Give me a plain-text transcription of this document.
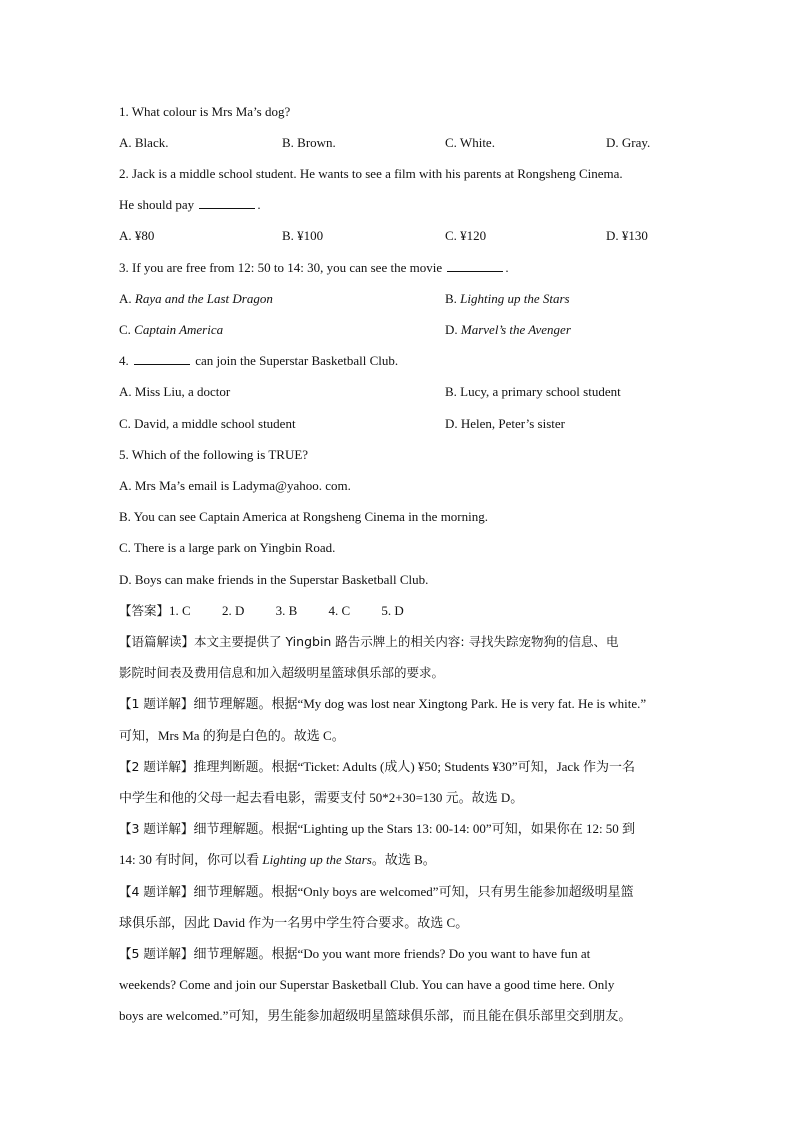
1. What colour is Mrs Ma’s dog?
A. Black.	B. Brown.	C. White.	D. Gray.
2. Jack is a middle school student. He wants to see a film with his parents at Rongsheng Cinema.
He should pay	.
A. ¥80	B. ¥100	C. ¥120	D. ¥130
3. If you are free from 12: 50 to 14: 30, you can see the movie	.
A. Raya and the Last Dragon	B. Lighting up the Stars
C. Captain America	D. Marvel’s the Avenger
4.	can join the Superstar Basketball Club.
A. Miss Liu, a doctor	B. Lucy, a primary school student
C. David, a middle school student	D. Helen, Peter’s sister
5. Which of the following is TRUE?
A. Mrs Ma’s email is Ladyma@yahoo. com.
B. You can see Captain America at Rongsheng Cinema in the morning.
C. There is a large park on Yingbin Road.
D. Boys can make friends in the Superstar Basketball Club.
【答案】1. C 2. D 3. B 4. C 5. D
【语篇解读】本文主要提供了 Yingbin 路告示牌上的相关内容: 寻找失踪宠物狗的信息、电
影院时间表及费用信息和加入超级明星篮球俱乐部的要求。
【1 题详解】细节理解题。根据“My dog was lost near Xingtong Park. He is very fat. He is white.”
可知，Mrs Ma 的狗是白色的。故选 C。
【2 题详解】推理判断题。根据“Ticket: Adults (成人) ¥50; Students ¥30”可知，Jack 作为一名
中学生和他的父母一起去看电影，需要支付 50*2+30=130 元。故选 D。
【3 题详解】细节理解题。根据“Lighting up the Stars 13: 00-14: 00”可知，如果你在 12: 50 到
14: 30 有时间，你可以看 Lighting up the Stars。故选 B。
【4 题详解】细节理解题。根据“Only boys are welcomed”可知，只有男生能参加超级明星篮
球俱乐部，因此 David 作为一名男中学生符合要求。故选 C。
【5 题详解】细节理解题。根据“Do you want more friends? Do you want to have fun at
weekends? Come and join our Superstar Basketball Club. You can have a good time here. Only
boys are welcomed.”可知，男生能参加超级明星篮球俱乐部，而且能在俱乐部里交到朋友。
